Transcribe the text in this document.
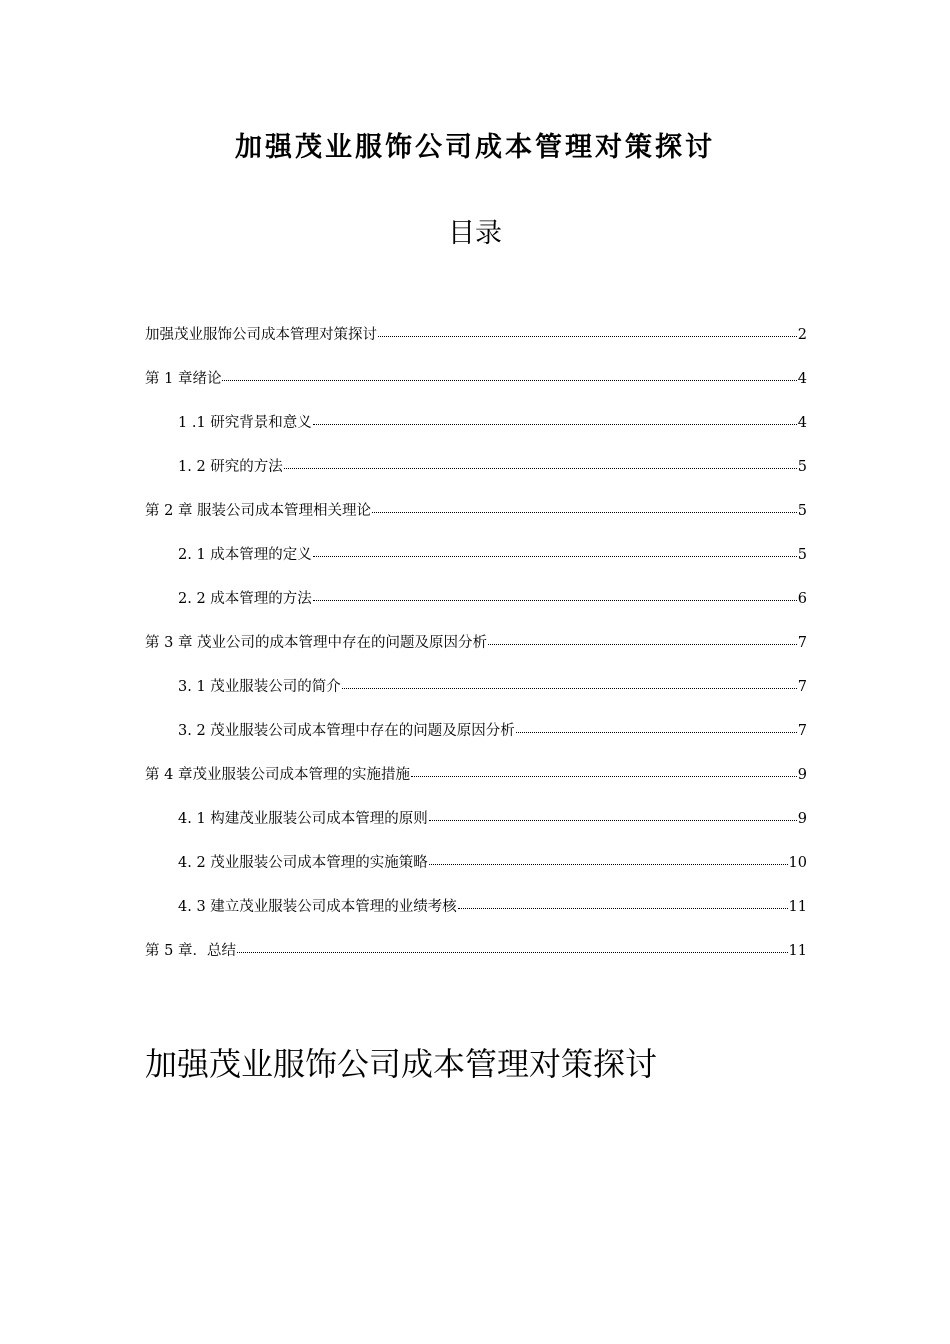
加强茂业服饰公司成本管理对策探讨
目录
加强茂业服饰公司成本管理对策探讨	2
第 1 章绪论	4
1 .1 研究背景和意义	4
1. 2 研究的方法	5
第 2 章 服装公司成本管理相关理论	5
2. 1 成本管理的定义	5
2. 2 成本管理的方法	6
第 3 章 茂业公司的成本管理中存在的问题及原因分析	7
3. 1 茂业服装公司的简介	7
3. 2 茂业服装公司成本管理中存在的问题及原因分析	7
第 4 章茂业服装公司成本管理的实施措施	9
4. 1 构建茂业服装公司成本管理的原则	9
4. 2 茂业服装公司成本管理的实施策略	10
4. 3 建立茂业服装公司成本管理的业绩考核	11
第 5 章．总结	11
加强茂业服饰公司成本管理对策探讨
